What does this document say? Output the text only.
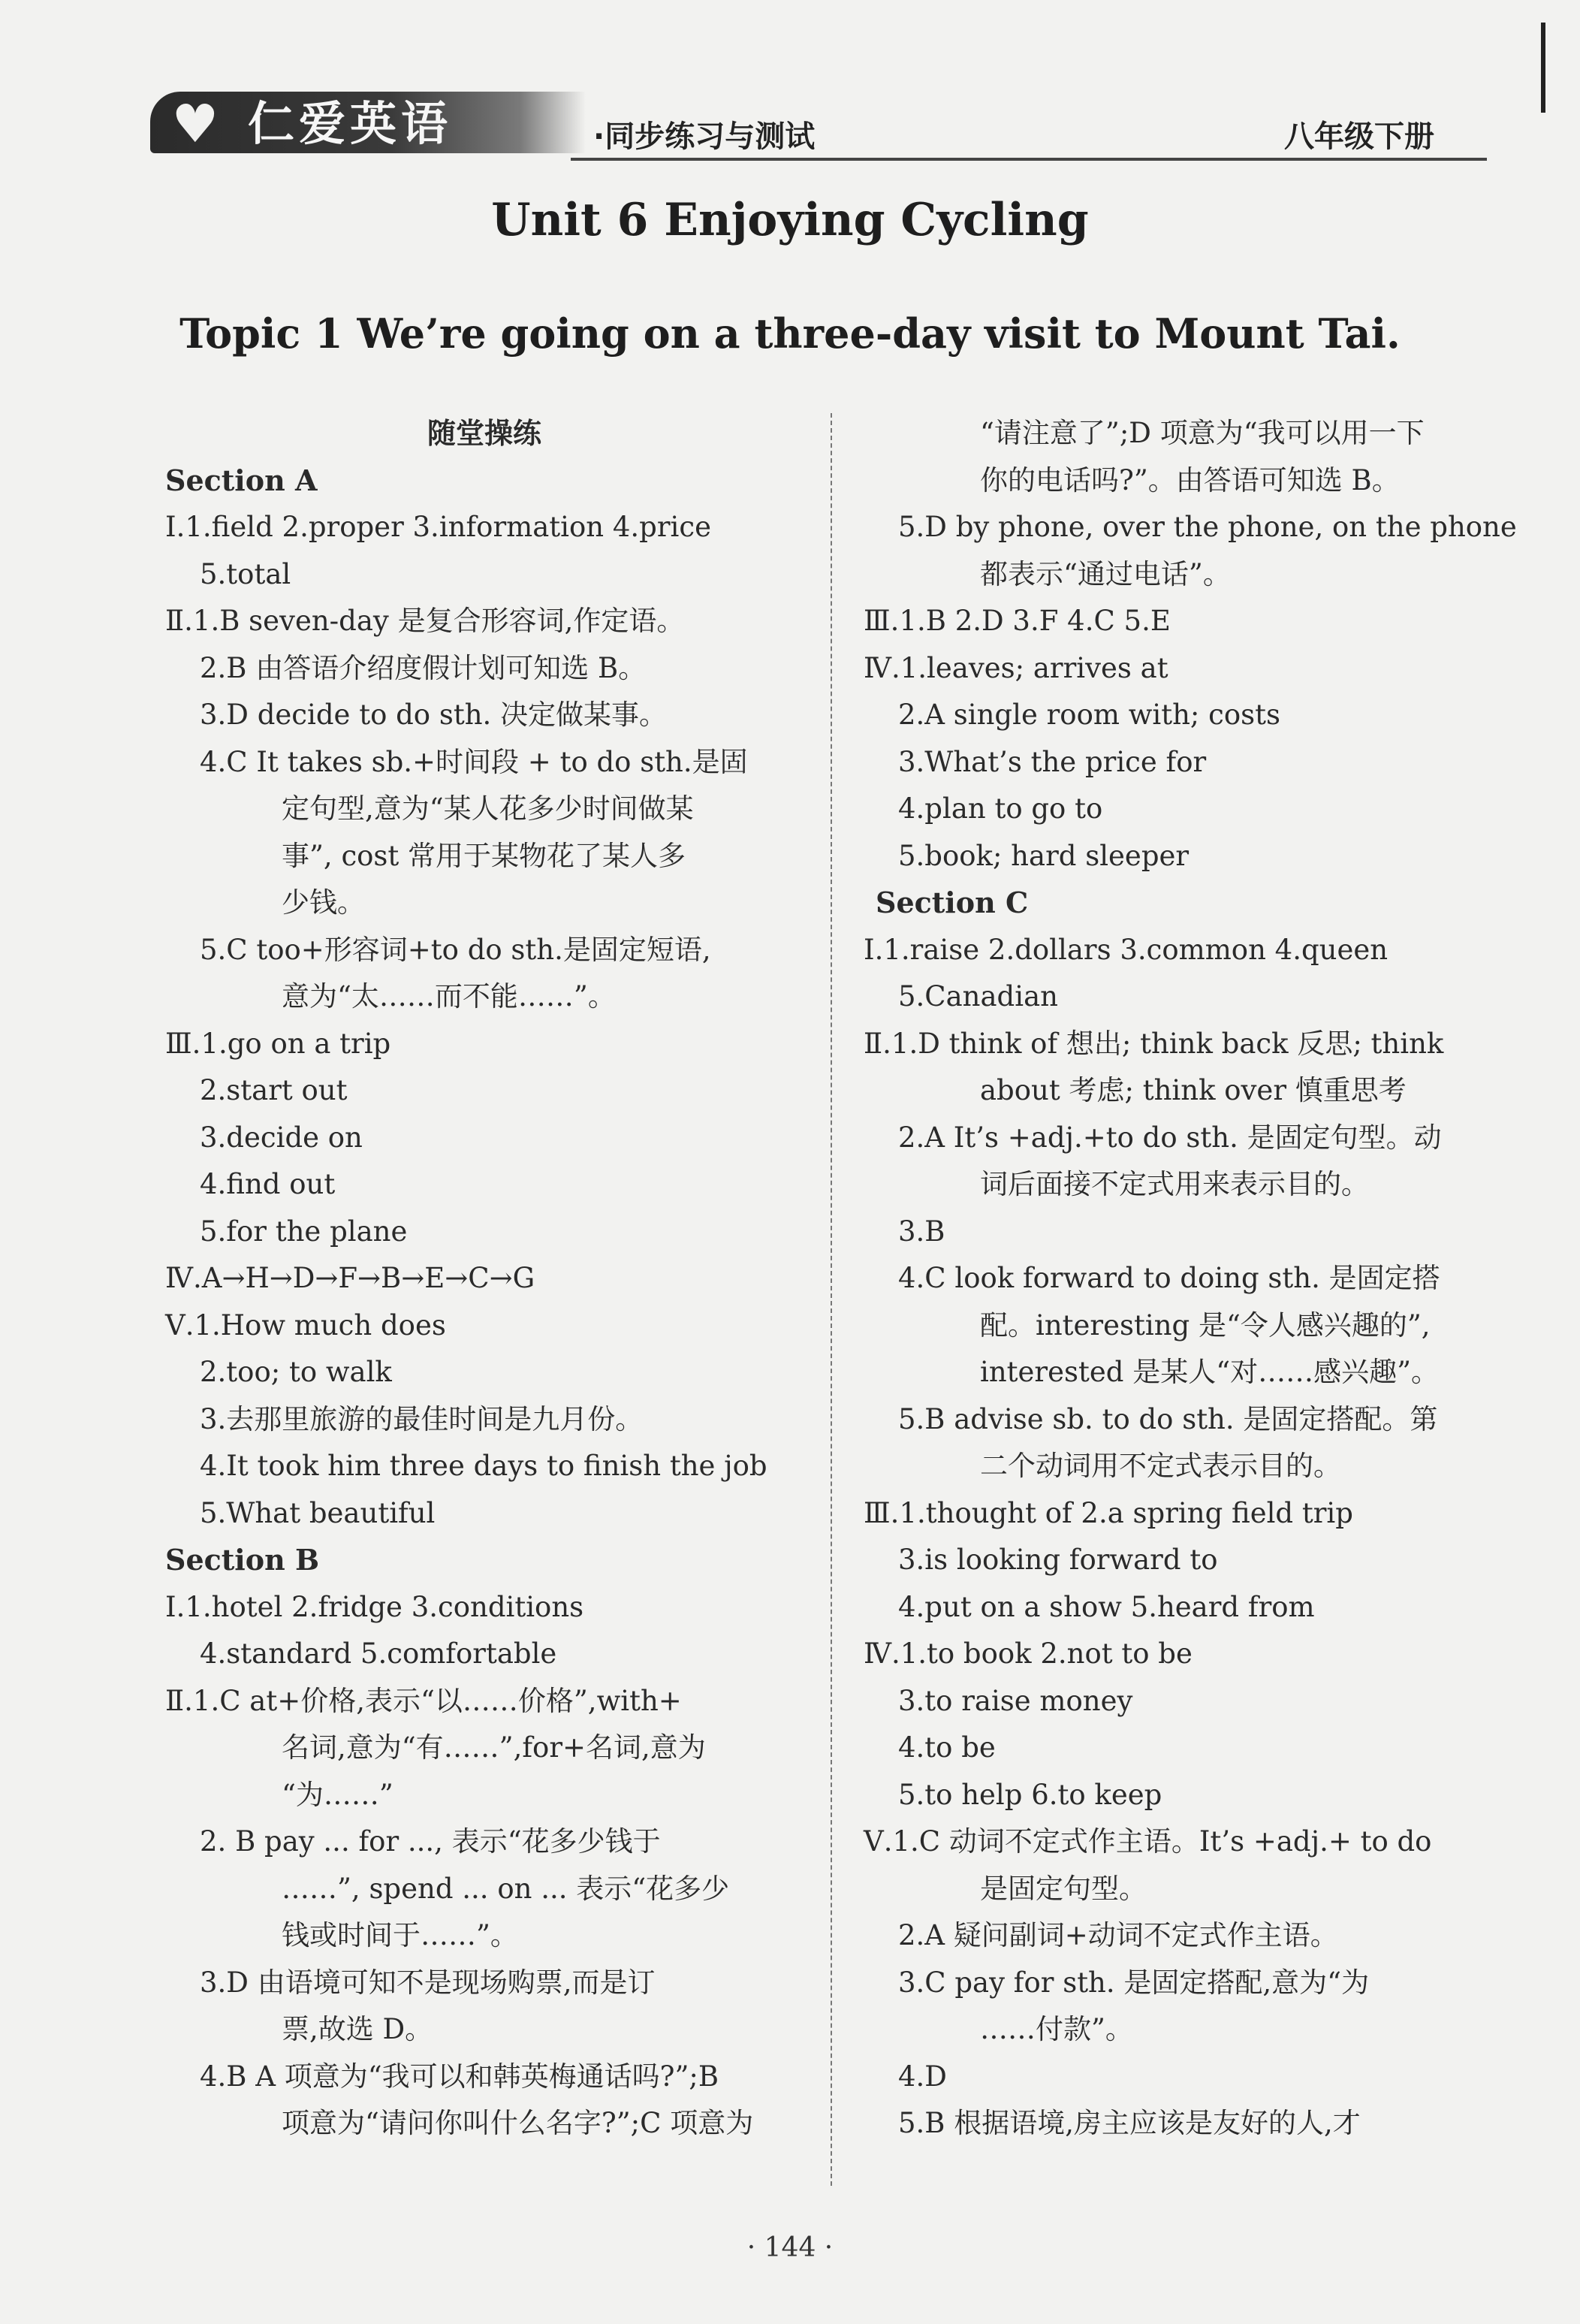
♥ 仁爱英语	·同步练习与测试	八年级下册
Unit 6 Enjoying Cycling
Topic 1 We’re going on a three-day visit to Mount Tai.
随堂操练
Section A
Ⅰ.1.field 2.proper 3.information 4.price
5.total
Ⅱ.1.B seven-day 是复合形容词,作定语。
2.B 由答语介绍度假计划可知选 B。
3.D decide to do sth. 决定做某事。
4.C It takes sb.+时间段 + to do sth.是固
定句型,意为“某人花多少时间做某
事”, cost 常用于某物花了某人多
少钱。
5.C too+形容词+to do sth.是固定短语,
意为“太……而不能……”。
Ⅲ.1.go on a trip
2.start out
3.decide on
4.find out
5.for the plane
Ⅳ.A→H→D→F→B→E→C→G
Ⅴ.1.How much does
2.too; to walk
3.去那里旅游的最佳时间是九月份。
4.It took him three days to finish the job
5.What beautiful
Section B
Ⅰ.1.hotel 2.fridge 3.conditions
4.standard 5.comfortable
Ⅱ.1.C at+价格,表示“以……价格”,with+
名词,意为“有……”,for+名词,意为
“为……”
2. B pay ... for ..., 表示“花多少钱于
……”, spend ... on ... 表示“花多少
钱或时间于……”。
3.D 由语境可知不是现场购票,而是订
票,故选 D。
4.B A 项意为“我可以和韩英梅通话吗?”;B
项意为“请问你叫什么名字?”;C 项意为
“请注意了”;D 项意为“我可以用一下
你的电话吗?”。由答语可知选 B。
5.D by phone, over the phone, on the phone
都表示“通过电话”。
Ⅲ.1.B 2.D 3.F 4.C 5.E
Ⅳ.1.leaves; arrives at
2.A single room with; costs
3.What’s the price for
4.plan to go to
5.book; hard sleeper
Section C
Ⅰ.1.raise 2.dollars 3.common 4.queen
5.Canadian
Ⅱ.1.D think of 想出; think back 反思; think
about 考虑; think over 慎重思考
2.A It’s +adj.+to do sth. 是固定句型。动
词后面接不定式用来表示目的。
3.B
4.C look forward to doing sth. 是固定搭
配。interesting 是“令人感兴趣的”,
interested 是某人“对……感兴趣”。
5.B advise sb. to do sth. 是固定搭配。第
二个动词用不定式表示目的。
Ⅲ.1.thought of 2.a spring field trip
3.is looking forward to
4.put on a show 5.heard from
Ⅳ.1.to book 2.not to be
3.to raise money
4.to be
5.to help 6.to keep
Ⅴ.1.C 动词不定式作主语。It’s +adj.+ to do
是固定句型。
2.A 疑问副词+动词不定式作主语。
3.C pay for sth. 是固定搭配,意为“为
……付款”。
4.D
5.B 根据语境,房主应该是友好的人,才
· 144 ·
